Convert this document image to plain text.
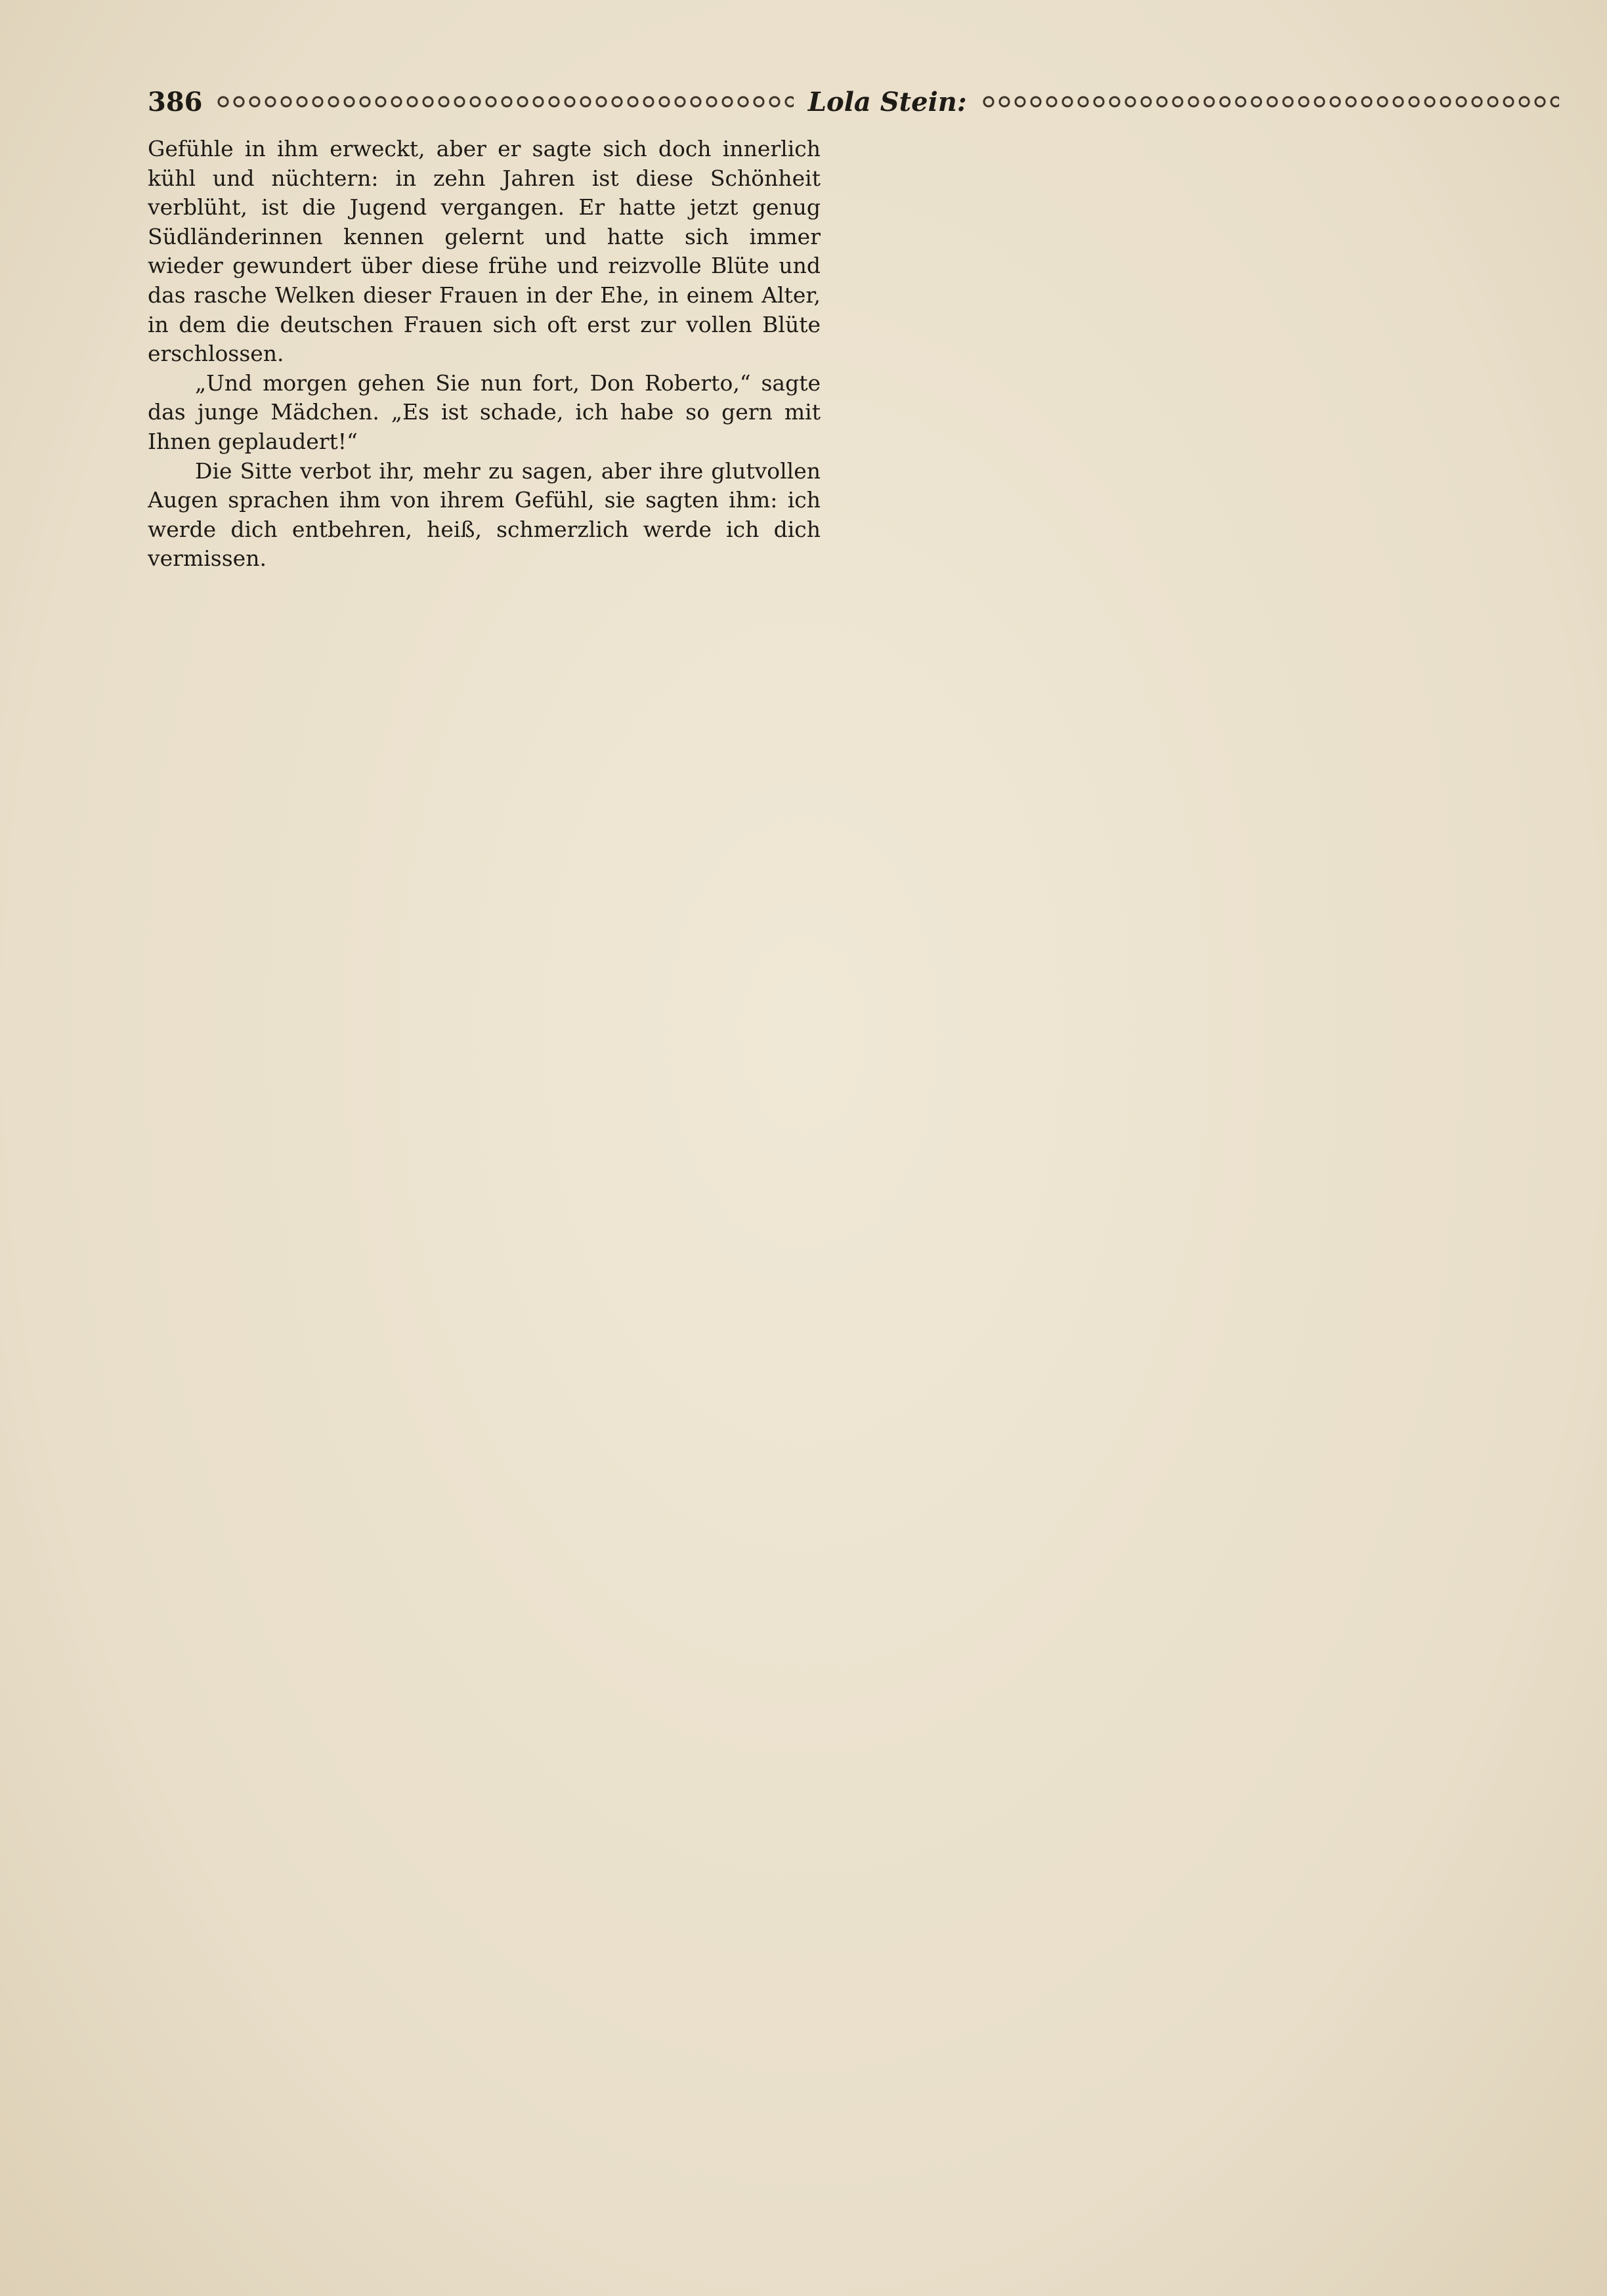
386	Lola Stein:

Gefühle in ihm erweckt, aber er sagte sich doch innerlich kühl und nüchtern: in zehn Jahren ist diese Schönheit verblüht, ist die Jugend vergangen. Er hatte jetzt genug Südländerinnen kennen gelernt und hatte sich immer wieder gewundert über diese frühe und reizvolle Blüte und das rasche Welken dieser Frauen in der Ehe, in einem Alter, in dem die deutschen Frauen sich oft erst zur vollen Blüte erschlossen.

„Und morgen gehen Sie nun fort, Don Roberto,“ sagte das junge Mädchen. „Es ist schade, ich habe so gern mit Ihnen geplaudert!“

Die Sitte verbot ihr, mehr zu sagen, aber ihre glutvollen Augen sprachen ihm von ihrem Gefühl, sie sagten ihm: ich werde dich entbehren, heiß, schmerzlich werde ich dich vermissen.
